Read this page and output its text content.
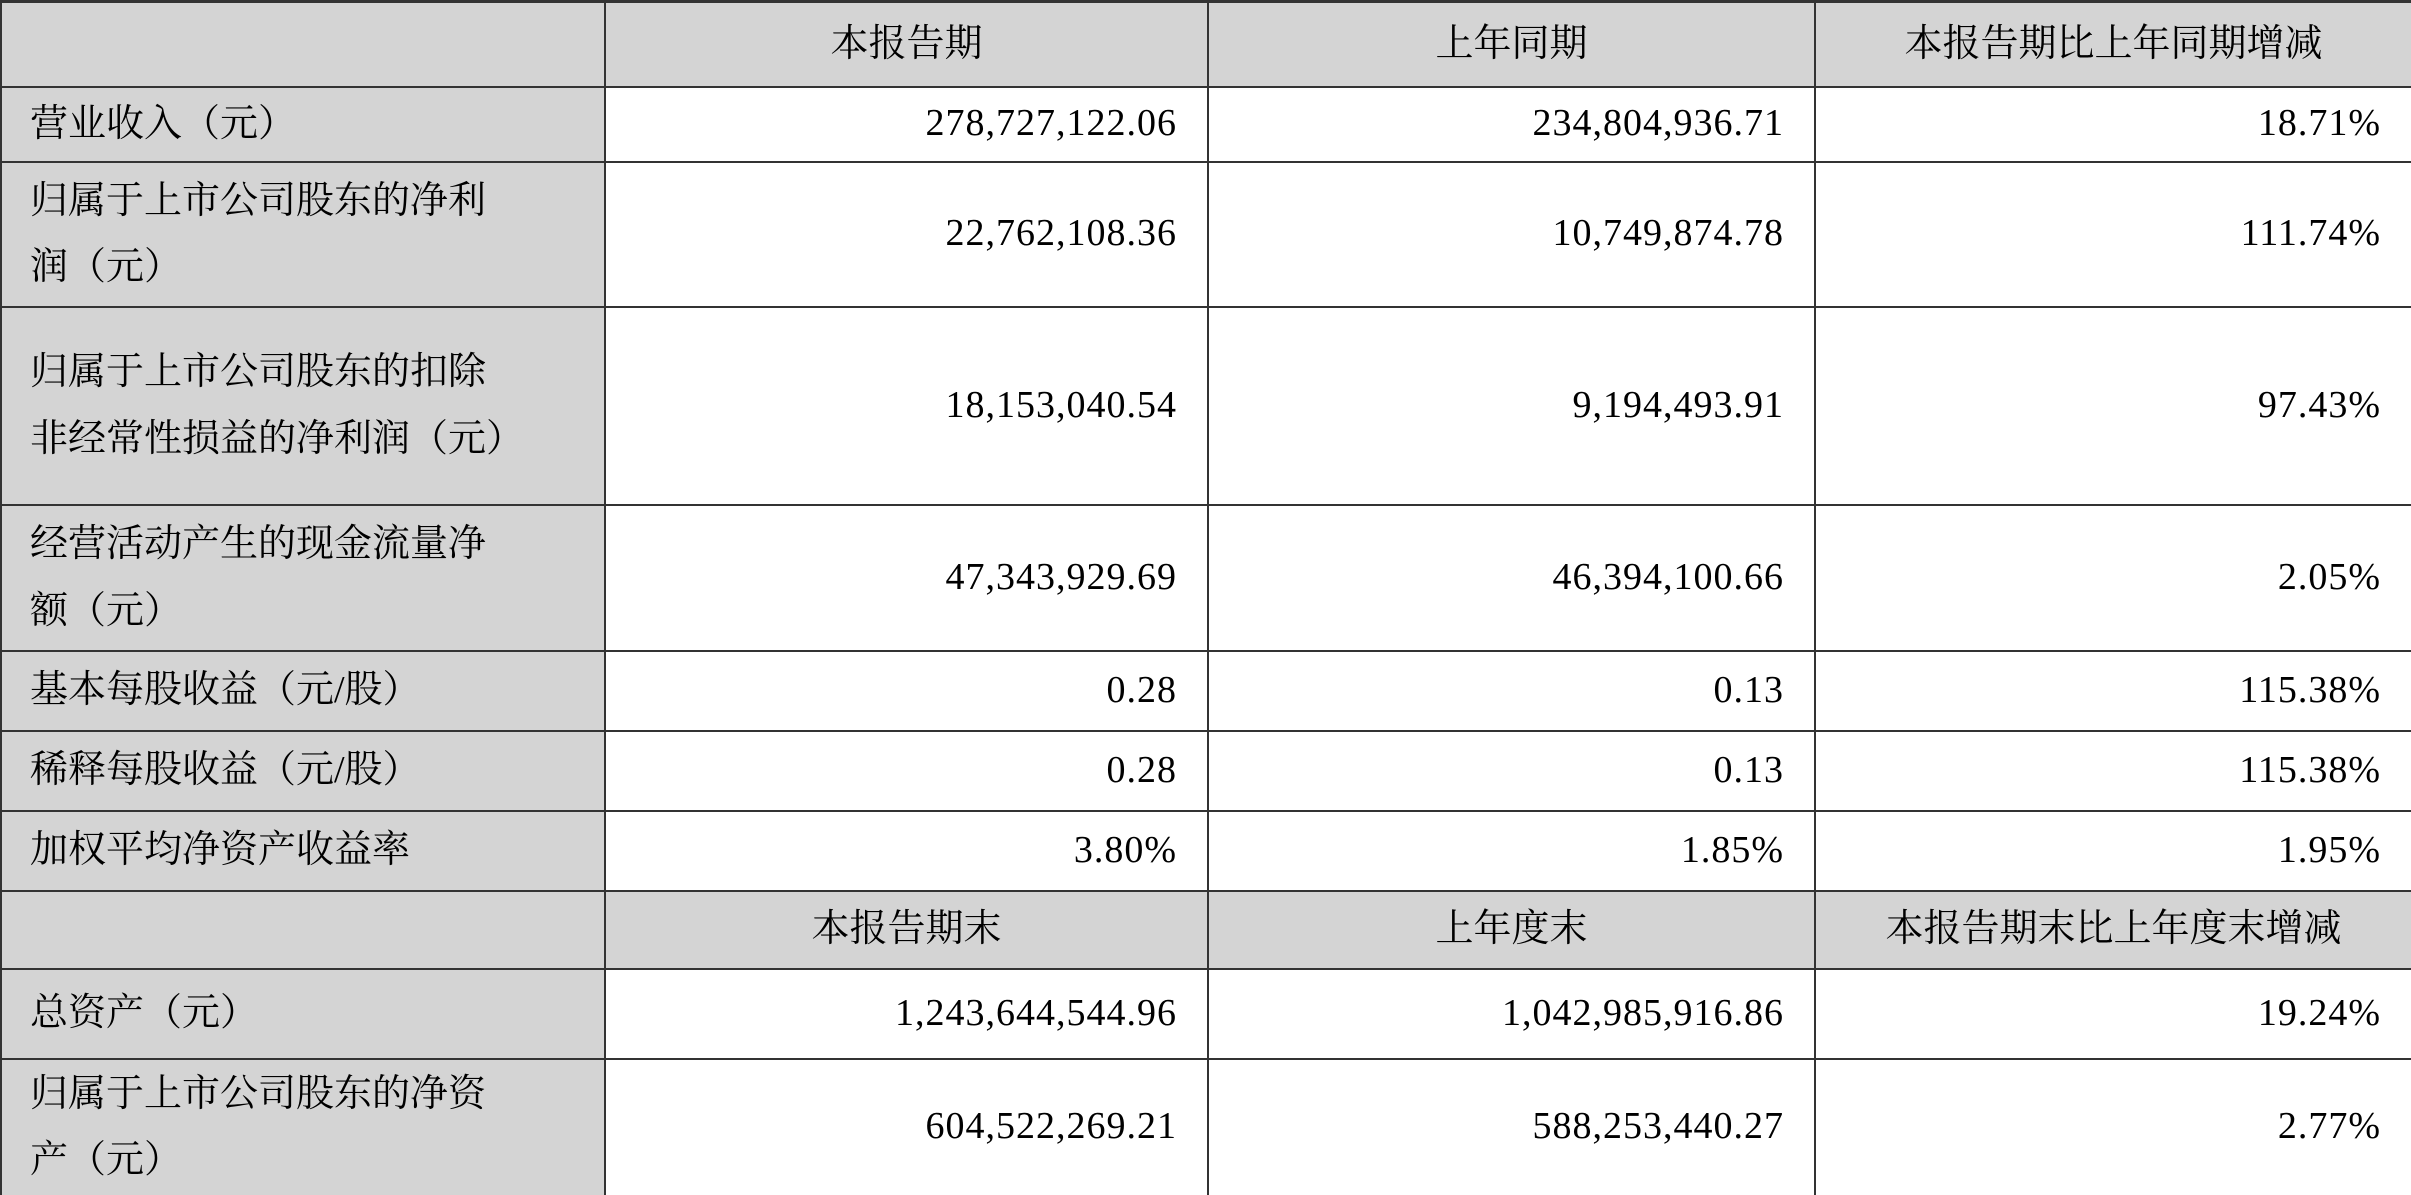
	本报告期	上年同期	本报告期比上年同期增减
营业收入（元）	278,727,122.06	234,804,936.71	18.71%
归属于上市公司股东的净利润（元）	22,762,108.36	10,749,874.78	111.74%
归属于上市公司股东的扣除非经常性损益的净利润（元）	18,153,040.54	9,194,493.91	97.43%
经营活动产生的现金流量净额（元）	47,343,929.69	46,394,100.66	2.05%
基本每股收益（元/股）	0.28	0.13	115.38%
稀释每股收益（元/股）	0.28	0.13	115.38%
加权平均净资产收益率	3.80%	1.85%	1.95%
	本报告期末	上年度末	本报告期末比上年度末增减
总资产（元）	1,243,644,544.96	1,042,985,916.86	19.24%
归属于上市公司股东的净资产（元）	604,522,269.21	588,253,440.27	2.77%
